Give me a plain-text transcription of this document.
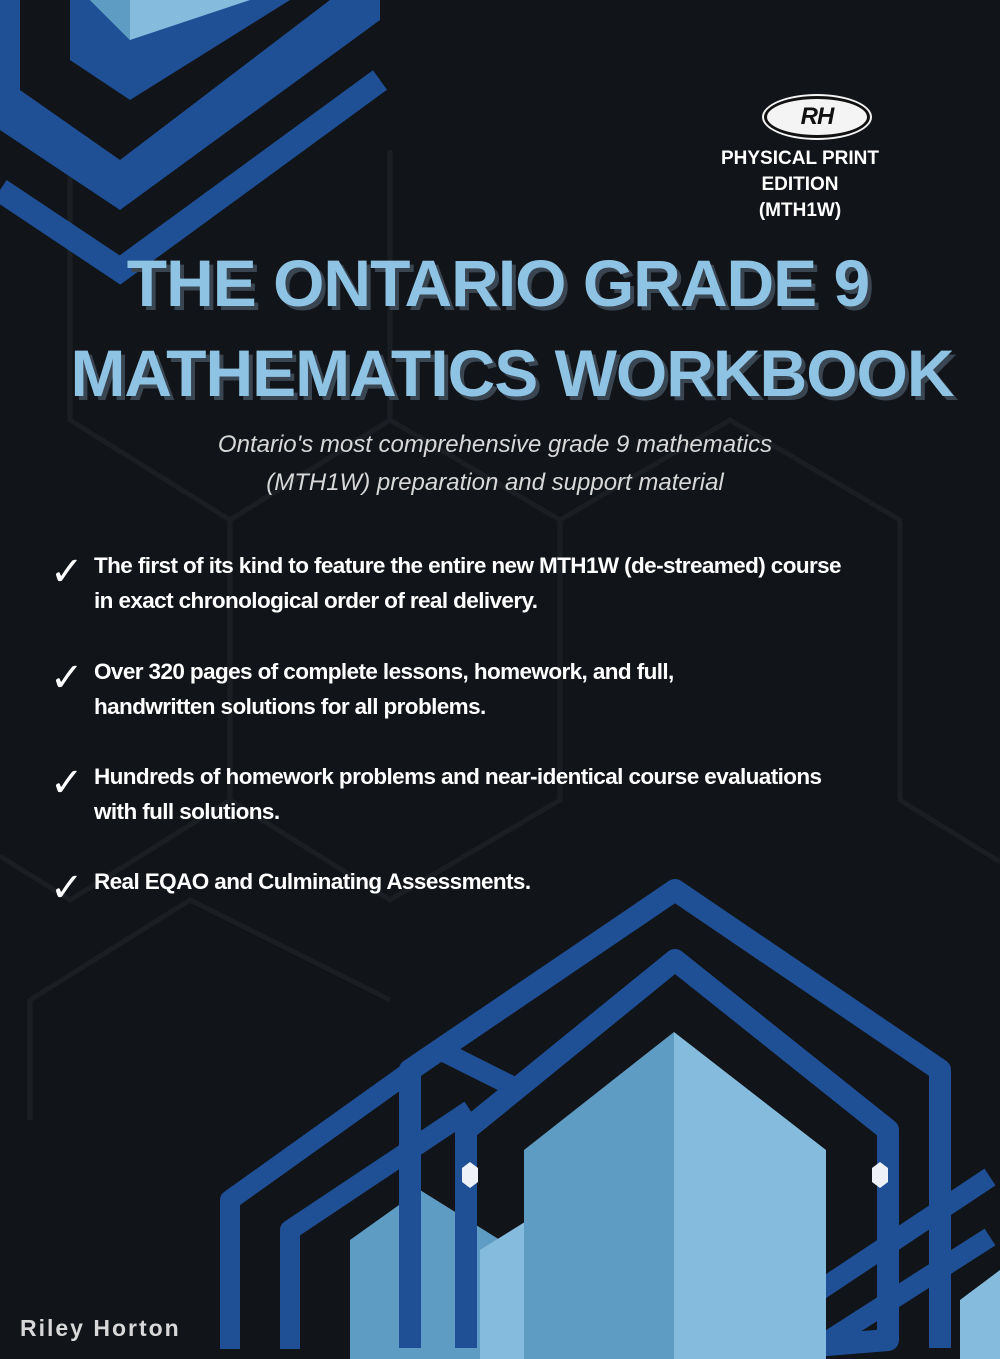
RH
PHYSICAL PRINT
EDITION
(MTH1W)
THE ONTARIO GRADE 9
MATHEMATICS WORKBOOK
Ontario's most comprehensive grade 9 mathematics
(MTH1W) preparation and support material
✓ The first of its kind to feature the entire new MTH1W (de-streamed) course
in exact chronological order of real delivery.
✓ Over 320 pages of complete lessons, homework, and full,
handwritten solutions for all problems.
✓ Hundreds of homework problems and near-identical course evaluations
with full solutions.
✓ Real EQAO and Culminating Assessments.
Riley Horton
